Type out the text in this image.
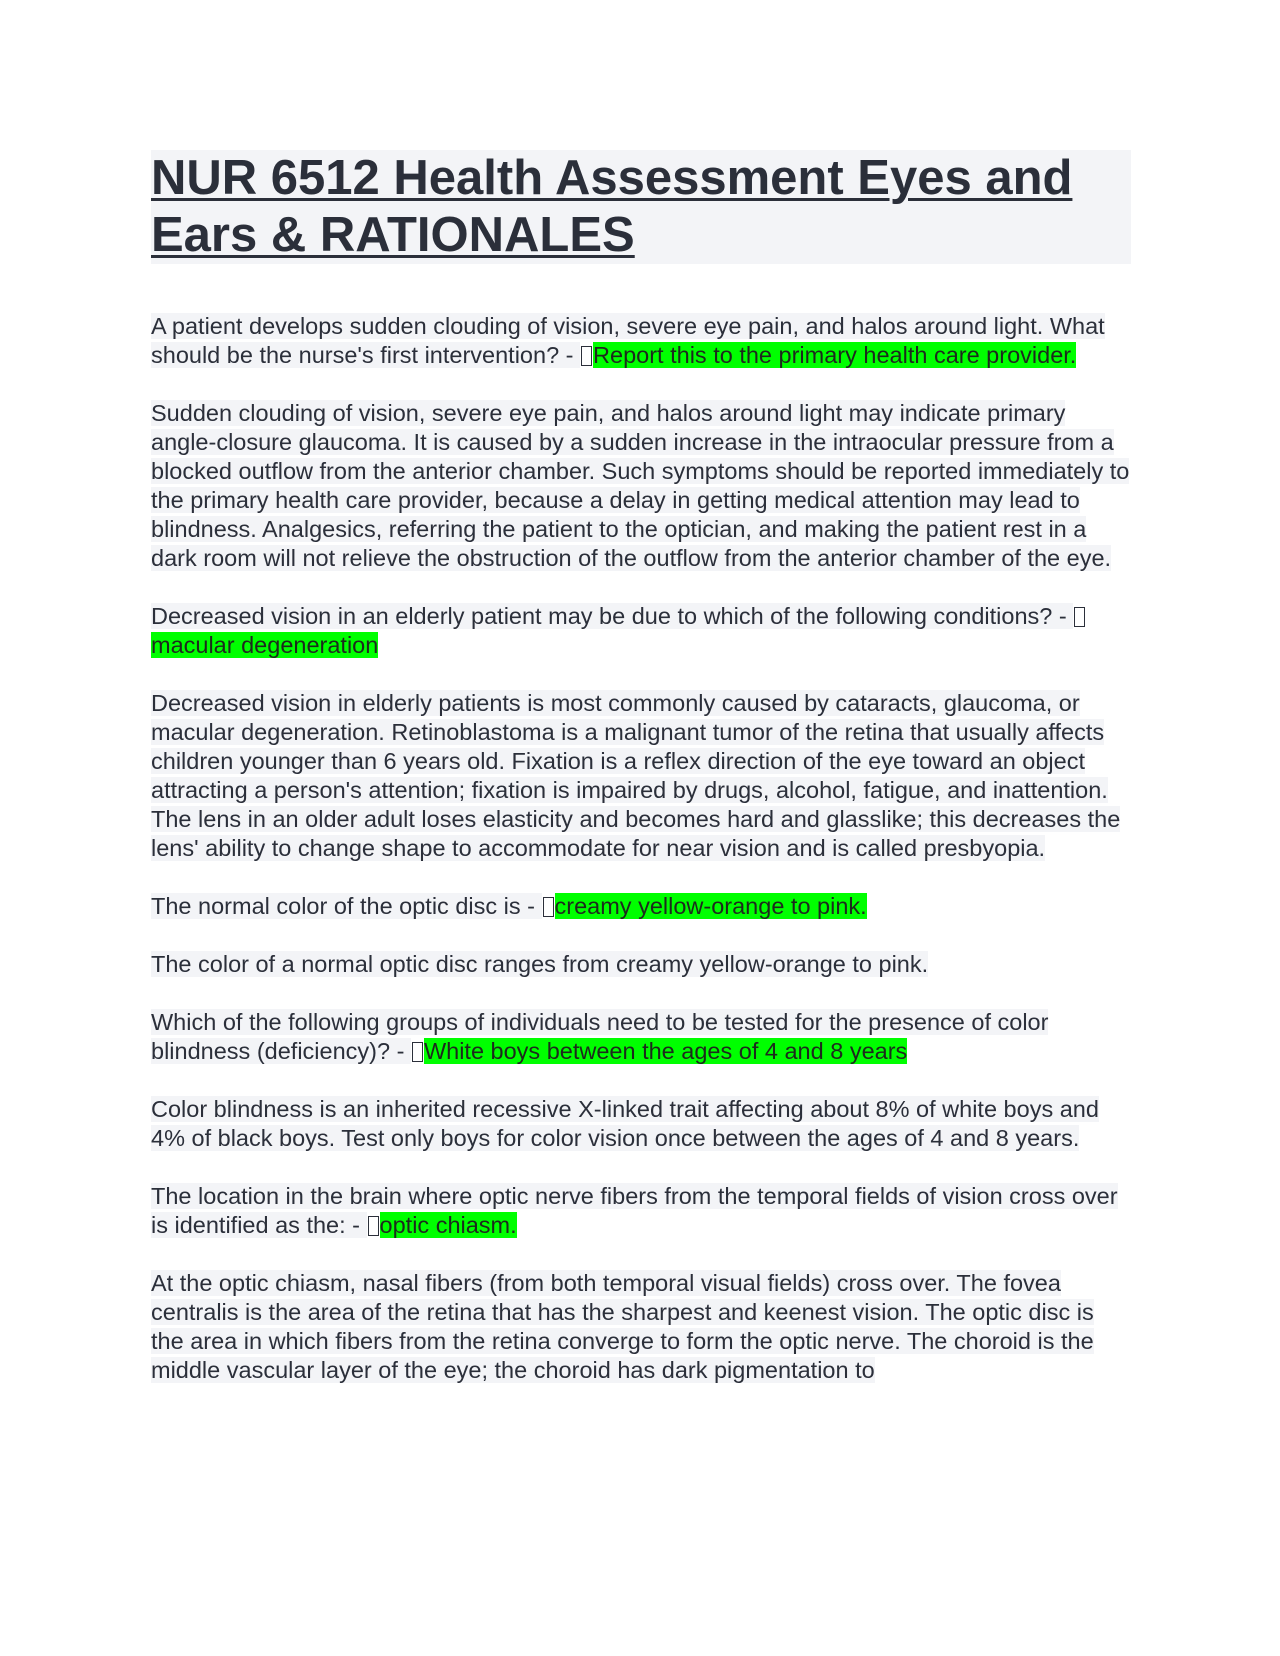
NUR 6512 Health Assessment Eyes and Ears & RATIONALES

A patient develops sudden clouding of vision, severe eye pain, and halos around light. What should be the nurse's first intervention? - Report this to the primary health care provider.

Sudden clouding of vision, severe eye pain, and halos around light may indicate primary angle-closure glaucoma. It is caused by a sudden increase in the intraocular pressure from a blocked outflow from the anterior chamber. Such symptoms should be reported immediately to the primary health care provider, because a delay in getting medical attention may lead to blindness. Analgesics, referring the patient to the optician, and making the patient rest in a dark room will not relieve the obstruction of the outflow from the anterior chamber of the eye.

Decreased vision in an elderly patient may be due to which of the following conditions? - macular degeneration

Decreased vision in elderly patients is most commonly caused by cataracts, glaucoma, or macular degeneration. Retinoblastoma is a malignant tumor of the retina that usually affects children younger than 6 years old. Fixation is a reflex direction of the eye toward an object attracting a person's attention; fixation is impaired by drugs, alcohol, fatigue, and inattention. The lens in an older adult loses elasticity and becomes hard and glasslike; this decreases the lens' ability to change shape to accommodate for near vision and is called presbyopia.

The normal color of the optic disc is - creamy yellow-orange to pink.

The color of a normal optic disc ranges from creamy yellow-orange to pink.

Which of the following groups of individuals need to be tested for the presence of color blindness (deficiency)? - White boys between the ages of 4 and 8 years

Color blindness is an inherited recessive X-linked trait affecting about 8% of white boys and 4% of black boys. Test only boys for color vision once between the ages of 4 and 8 years.

The location in the brain where optic nerve fibers from the temporal fields of vision cross over is identified as the: - optic chiasm.

At the optic chiasm, nasal fibers (from both temporal visual fields) cross over. The fovea centralis is the area of the retina that has the sharpest and keenest vision. The optic disc is the area in which fibers from the retina converge to form the optic nerve. The choroid is the middle vascular layer of the eye; the choroid has dark pigmentation to
